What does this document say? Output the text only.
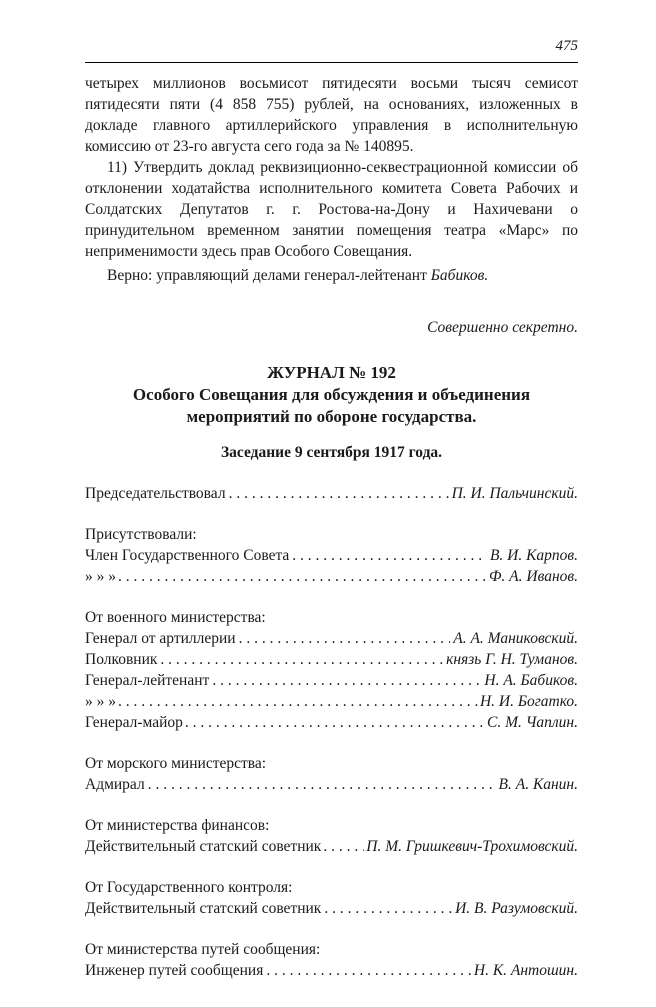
475

четырех миллионов восьмисот пятидесяти восьми тысяч семисот пятидесяти пяти (4 858 755) рублей, на основаниях, изложенных в докладе главного артиллерийского управления в исполнительную комиссию от 23-го августа сего года за № 140895.

11) Утвердить доклад реквизиционно-секвестрационной комиссии об отклонении ходатайства исполнительного комитета Совета Рабочих и Солдатских Депутатов г. г. Ростова-на-Дону и Нахичевани о принудительном временном занятии помещения театра «Марс» по неприменимости здесь прав Особого Совещания.

Верно: управляющий делами генерал-лейтенант Бабиков.
Совершенно секретно.
ЖУРНАЛ № 192
Особого Совещания для обсуждения и объединения
мероприятий по обороне государства.
Заседание 9 сентября 1917 года.
Председательствовал . . .	П. И. Пальчинский.
Присутствовали:
Член Государственного Совета . . .	В. И. Карпов.
» » » . . .	Ф. А. Иванов.
От военного министерства:
Генерал от артиллерии . . .	А. А. Маниковский.
Полковник . . .	князь Г. Н. Туманов.
Генерал-лейтенант . . .	Н. А. Бабиков.
» » » . . .	Н. И. Богатко.
Генерал-майор . . .	С. М. Чаплин.
От морского министерства:
Адмирал . . .	В. А. Канин.
От министерства финансов:
Действительный статский советник . . .	П. М. Гришкевич-Трохимовский.
От Государственного контроля:
Действительный статский советник . . .	И. В. Разумовский.
От министерства путей сообщения:
Инженер путей сообщения . . .	Н. К. Антошин.
